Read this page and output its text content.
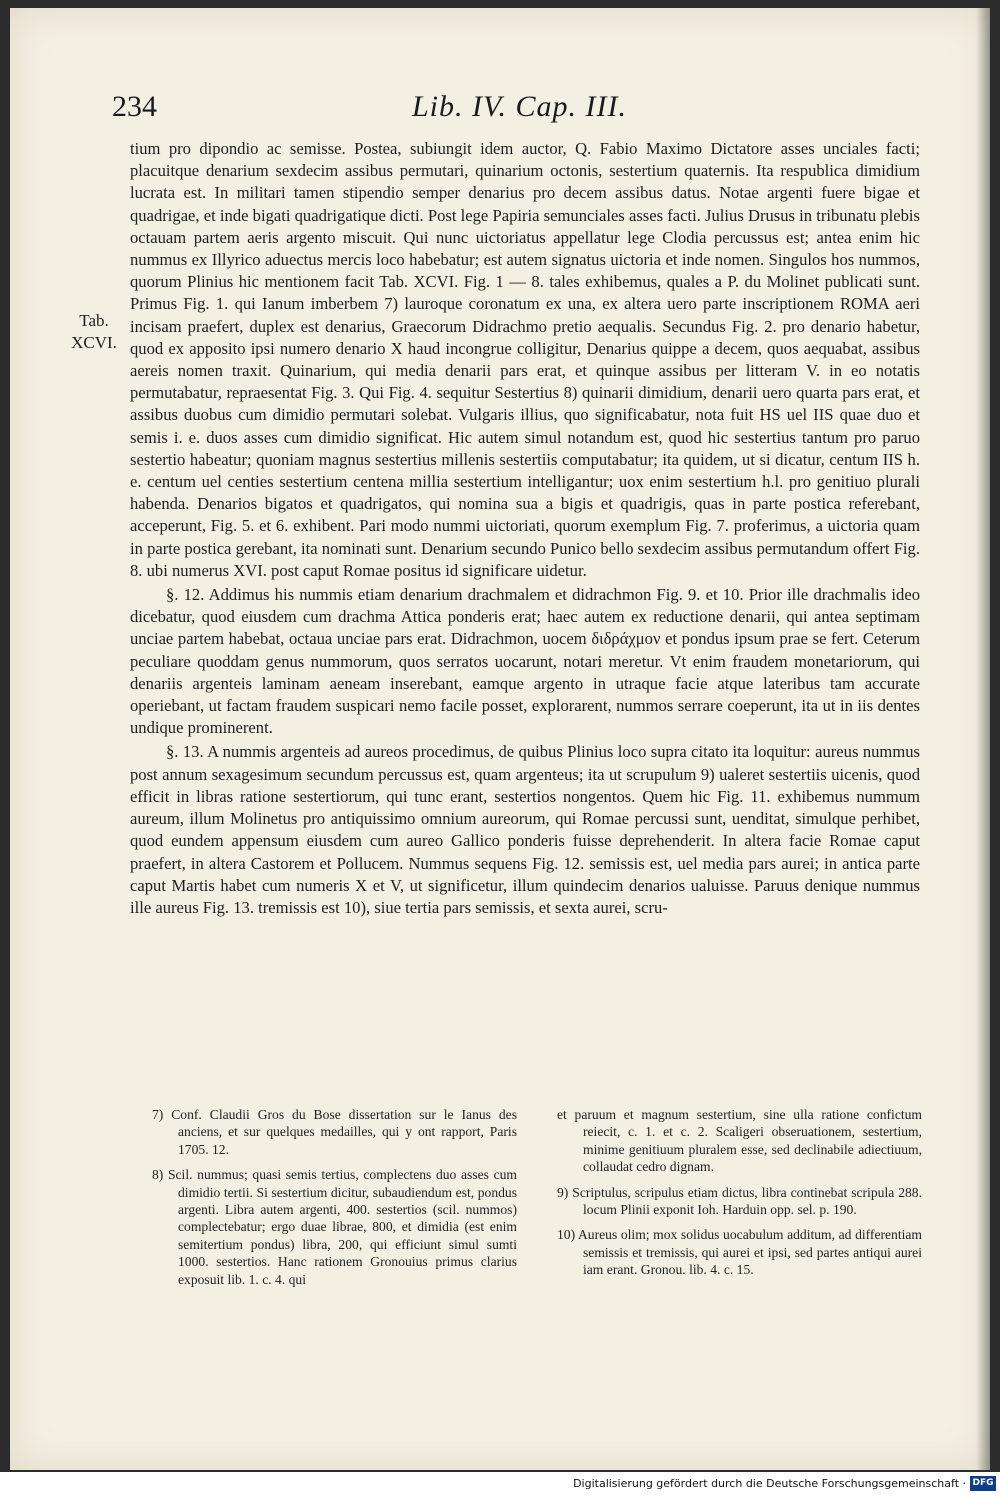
234	Lib. IV. Cap. III.
Tab.
XCVI.

tium pro dipondio ac semisse. Postea, subiungit idem auctor, Q. Fabio Maximo Dictatore asses unciales facti; placuitque denarium sexdecim assibus permutari, quinarium octonis, sestertium quaternis. Ita respublica dimidium lucrata est. In militari tamen stipendio semper denarius pro decem assibus datus. Notae argenti fuere bigae et quadrigae, et inde bigati quadrigatique dicti. Post lege Papiria semunciales asses facti. Julius Drusus in tribunatu plebis octauam partem aeris argento miscuit. Qui nunc uictoriatus appellatur lege Clodia percussus est; antea enim hic nummus ex Illyrico aduectus mercis loco habebatur; est autem signatus uictoria et inde nomen. Singulos hos nummos, quorum Plinius hic mentionem facit Tab. XCVI. Fig. 1 — 8. tales exhibemus, quales a P. du Molinet publicati sunt. Primus Fig. 1. qui Ianum imberbem 7) lauroque coronatum ex una, ex altera uero parte inscriptionem ROMA aeri incisam praefert, duplex est denarius, Graecorum Didrachmo pretio aequalis. Secundus Fig. 2. pro denario habetur, quod ex apposito ipsi numero denario X haud incongrue colligitur, Denarius quippe a decem, quos aequabat, assibus aereis nomen traxit. Quinarium, qui media denarii pars erat, et quinque assibus per litteram V. in eo notatis permutabatur, repraesentat Fig. 3. Qui Fig. 4. sequitur Sestertius 8) quinarii dimidium, denarii uero quarta pars erat, et assibus duobus cum dimidio permutari solebat. Vulgaris illius, quo significabatur, nota fuit HS uel IIS quae duo et semis i. e. duos asses cum dimidio significat. Hic autem simul notandum est, quod hic sestertius tantum pro paruo sestertio habeatur; quoniam magnus sestertius millenis sestertiis computabatur; ita quidem, ut si dicatur, centum IIS h. e. centum uel centies sestertium centena millia sestertium intelligantur; uox enim sestertium h.l. pro genitiuo plurali habenda. Denarios bigatos et quadrigatos, qui nomina sua a bigis et quadrigis, quas in parte postica referebant, acceperunt, Fig. 5. et 6. exhibent. Pari modo nummi uictoriati, quorum exemplum Fig. 7. proferimus, a uictoria quam in parte postica gerebant, ita nominati sunt. Denarium secundo Punico bello sexdecim assibus permutandum offert Fig. 8. ubi numerus XVI. post caput Romae positus id significare uidetur.

§. 12. Addimus his nummis etiam denarium drachmalem et didrachmon Fig. 9. et 10. Prior ille drachmalis ideo dicebatur, quod eiusdem cum drachma Attica ponderis erat; haec autem ex reductione denarii, qui antea septimam unciae partem habebat, octaua unciae pars erat. Didrachmon, uocem διδράχμον et pondus ipsum prae se fert. Ceterum peculiare quoddam genus nummorum, quos serratos uocarunt, notari meretur. Vt enim fraudem monetariorum, qui denariis argenteis laminam aeneam inserebant, eamque argento in utraque facie atque lateribus tam accurate operiebant, ut factam fraudem suspicari nemo facile posset, explorarent, nummos serrare coeperunt, ita ut in iis dentes undique prominerent.

§. 13. A nummis argenteis ad aureos procedimus, de quibus Plinius loco supra citato ita loquitur: aureus nummus post annum sexagesimum secundum percussus est, quam argenteus; ita ut scrupulum 9) ualeret sestertiis uicenis, quod efficit in libras ratione sestertiorum, qui tunc erant, sestertios nongentos. Quem hic Fig. 11. exhibemus nummum aureum, illum Molinetus pro antiquissimo omnium aureorum, qui Romae percussi sunt, uenditat, simulque perhibet, quod eundem appensum eiusdem cum aureo Gallico ponderis fuisse deprehenderit. In altera facie Romae caput praefert, in altera Castorem et Pollucem. Nummus sequens Fig. 12. semissis est, uel media pars aurei; in antica parte caput Martis habet cum numeris X et V, ut significetur, illum quindecim denarios ualuisse. Paruus denique nummus ille aureus Fig. 13. tremissis est 10), siue tertia pars semissis, et sexta aurei, scru-

7) Conf. Claudii Gros du Bose dissertation sur le Ianus des anciens, et sur quelques medailles, qui y ont rapport, Paris 1705. 12.

8) Scil. nummus; quasi semis tertius, complectens duo asses cum dimidio tertii. Si sestertium dicitur, subaudiendum est, pondus argenti. Libra autem argenti, 400. sestertios (scil. nummos) complectebatur; ergo duae librae, 800, et dimidia (est enim semitertium pondus) libra, 200, qui efficiunt simul sumti 1000. sestertios. Hanc rationem Gronouius primus clarius exposuit lib. 1. c. 4. qui

et paruum et magnum sestertium, sine ulla ratione confictum reiecit, c. 1. et c. 2. Scaligeri obseruationem, sestertium, minime genitiuum pluralem esse, sed declinabile adiectiuum, collaudat cedro dignam.

9) Scriptulus, scripulus etiam dictus, libra continebat scripula 288. locum Plinii exponit Ioh. Harduin opp. sel. p. 190.

10) Aureus olim; mox solidus uocabulum additum, ad differentiam semissis et tremissis, qui aurei et ipsi, sed partes antiqui aurei iam erant. Gronou. lib. 4. c. 15.

Digitalisierung gefördert durch die Deutsche Forschungsgemeinschaft · DFG
